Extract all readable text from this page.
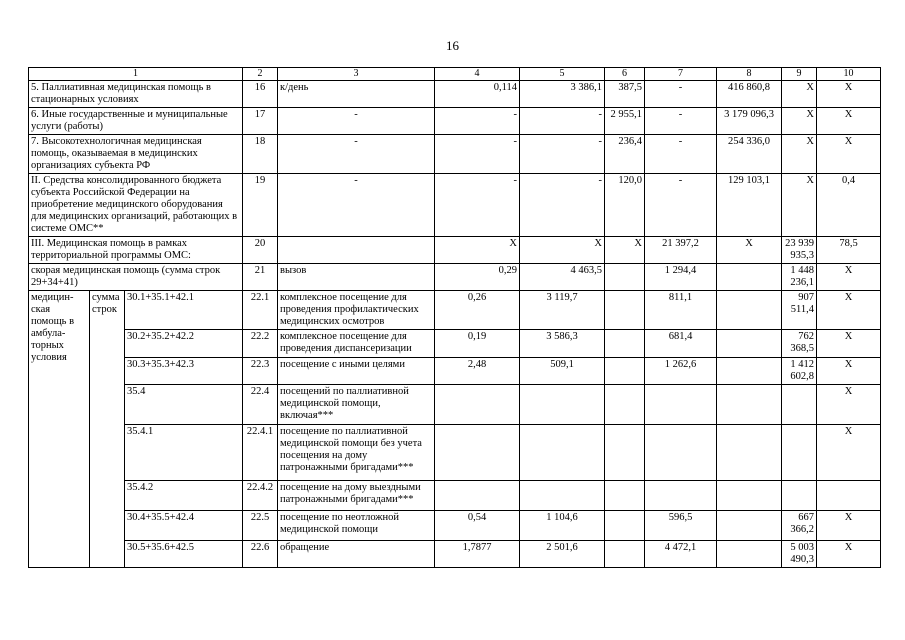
16
1			2	3	4	5	6	7	8	9	10
5. Паллиативная медицинская помощь в стационарных условиях			16	к/день	0,114	3 386,1	387,5	-	416 860,8	X	X
6. Иные государственные и муниципальные услуги (работы)			17	-	-	-	2 955,1	-	3 179 096,3	X	X
7. Высокотехнологичная медицинская помощь, оказываемая в медицинских организациях субъекта РФ			18	-	-	-	236,4	-	254 336,0	X	X
II. Средства консолидированного бюджета субъекта Российской Федерации на приобретение медицинского оборудования для медицинских организаций, работающих в системе ОМС**			19	-	-	-	120,0	-	129 103,1	X	0,4
III. Медицинская помощь в рамках территориальной программы ОМС:			20		X	X	X	21 397,2	X	23 939 935,3	78,5
скорая медицинская помощь (сумма строк 29+34+41)			21	вызов	0,29	4 463,5		1 294,4		1 448 236,1	X
медицин-ская помощь в амбула-торных условия	сумма строк	30.1+35.1+42.1	22.1	комплексное посещение для проведения профилактических медицинских осмотров	0,26	3 119,7		811,1		907 511,4	X
		30.2+35.2+42.2	22.2	комплексное посещение для проведения диспансеризации	0,19	3 586,3		681,4		762 368,5	X
		30.3+35.3+42.3	22.3	посещение с иными целями	2,48	509,1		1 262,6		1 412 602,8	X
		35.4	22.4	посещений по паллиативной медицинской помощи, включая***							X
		35.4.1	22.4.1	посещение по паллиативной медицинской помощи без учета посещения на дому патронажными бригадами***							X
		35.4.2	22.4.2	посещение на дому выездными патронажными бригадами***							
		30.4+35.5+42.4	22.5	посещение по неотложной медицинской помощи	0,54	1 104,6		596,5		667 366,2	X
		30.5+35.6+42.5	22.6	обращение	1,7877	2 501,6		4 472,1		5 003 490,3	X
